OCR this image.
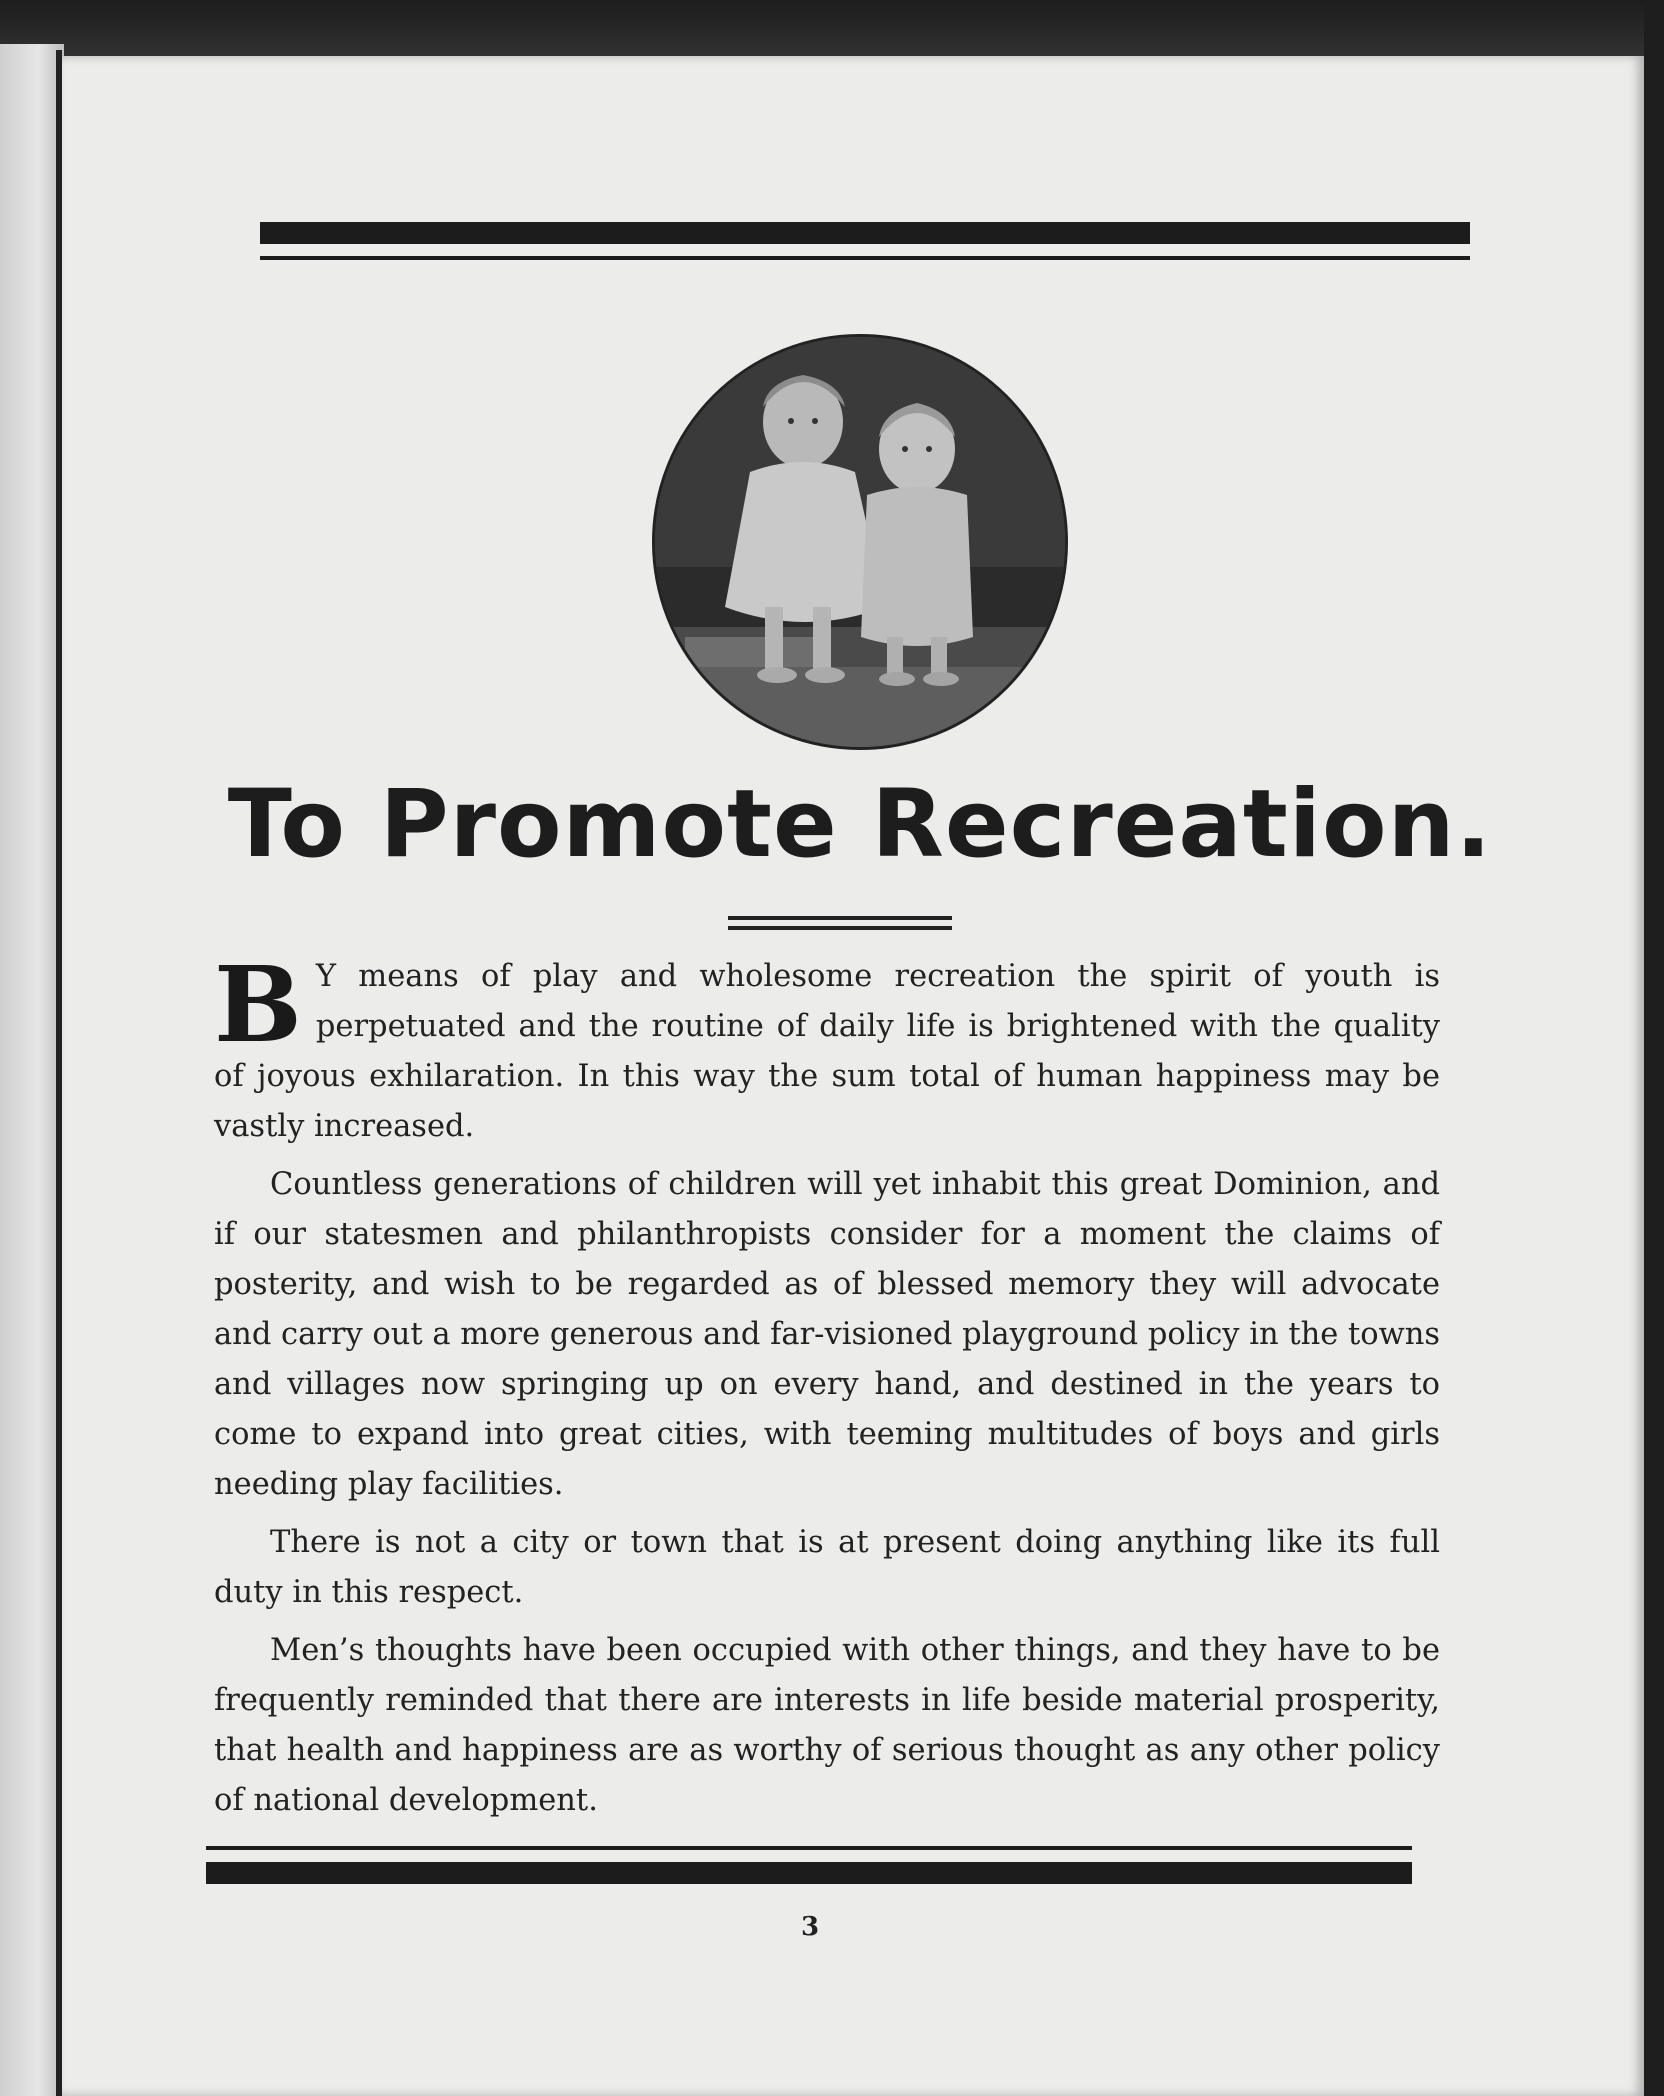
To Promote Recreation.

B Y means of play and wholesome recreation the spirit of youth is perpetuated and the routine of daily life is brightened with the quality of joyous exhilaration. In this way the sum total of human happiness may be vastly increased.

Countless generations of children will yet inhabit this great Dominion, and if our statesmen and philanthropists consider for a moment the claims of posterity, and wish to be regarded as of blessed memory they will advocate and carry out a more generous and far-visioned playground policy in the towns and villages now springing up on every hand, and destined in the years to come to expand into great cities, with teeming multitudes of boys and girls needing play facilities.

There is not a city or town that is at present doing anything like its full duty in this respect.

Men’s thoughts have been occupied with other things, and they have to be frequently reminded that there are interests in life beside material prosperity, that health and happiness are as worthy of serious thought as any other policy of national development.

3
